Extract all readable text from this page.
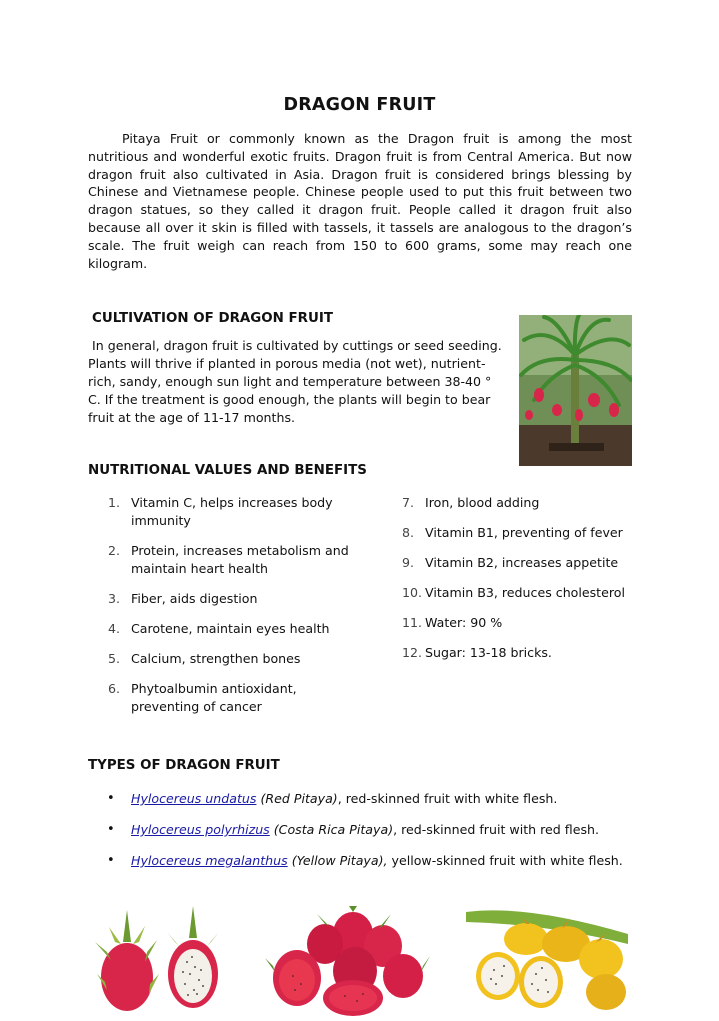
DRAGON FRUIT

Pitaya Fruit or commonly known as the Dragon fruit is among the most nutritious and wonderful exotic fruits. Dragon fruit is from Central America. But now dragon fruit also cultivated in Asia. Dragon fruit is considered brings blessing by Chinese and Vietnamese people. Chinese people used to put this fruit between two dragon statues, so they called it dragon fruit. People called it dragon fruit also because all over it skin is filled with tassels, it tassels are analogous to the dragon’s scale. The fruit weigh can reach from 150 to 600 grams, some may reach one kilogram.

CULTIVATION OF DRAGON FRUIT

In general, dragon fruit is cultivated by cuttings or seed seeding. Plants will thrive if planted in porous media (not wet), nutrient-rich, sandy, enough sun light and temperature between 38-40 ° C. If the treatment is good enough, the plants will begin to bear fruit at the age of 11-17 months.

NUTRITIONAL VALUES AND BENEFITS
1. Vitamin C, helps increases body immunity
2. Protein, increases metabolism and maintain heart health
3. Fiber, aids digestion
4. Carotene, maintain eyes health
5. Calcium, strengthen bones
6. Phytoalbumin antioxidant, preventing of cancer
7. Iron, blood adding
8. Vitamin B1, preventing of fever
9. Vitamin B2, increases appetite
10. Vitamin B3, reduces cholesterol
11. Water: 90 %
12. Sugar: 13-18 bricks.
TYPES OF DRAGON FRUIT
• Hylocereus undatus (Red Pitaya), red-skinned fruit with white flesh.
• Hylocereus polyrhizus (Costa Rica Pitaya), red-skinned fruit with red flesh.
• Hylocereus megalanthus (Yellow Pitaya), yellow-skinned fruit with white flesh.
